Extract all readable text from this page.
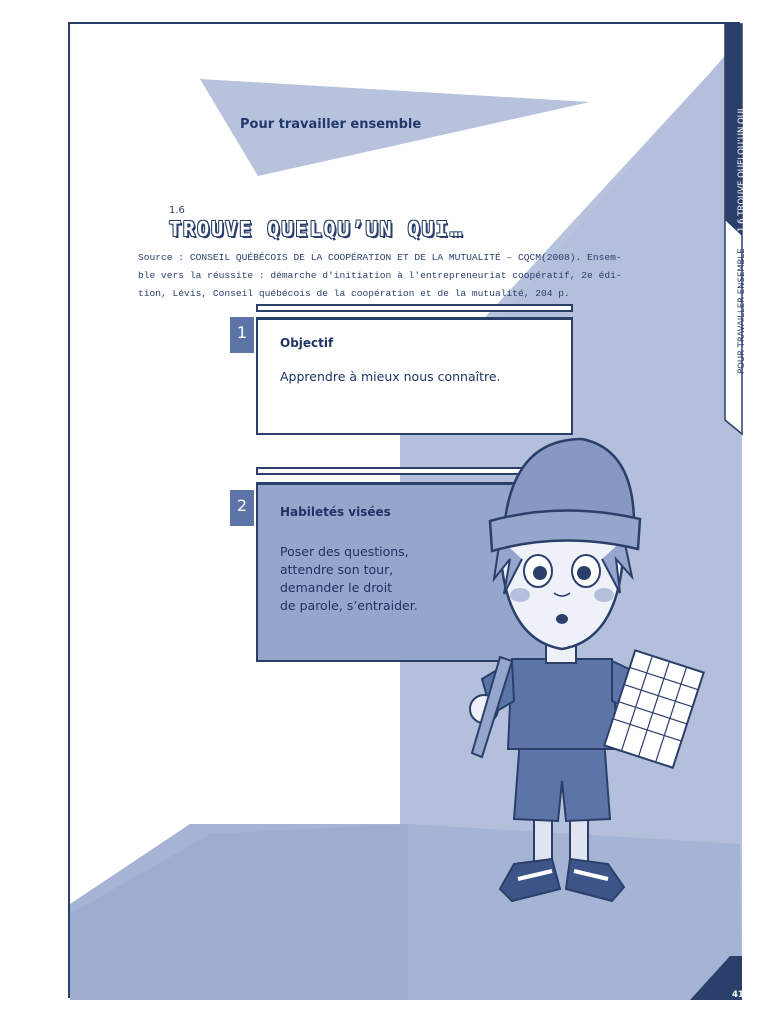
Pour travailler ensemble
1.6
TROUVE QUELQU’UN QUI…
Source : CONSEIL QUÉBÉCOIS DE LA COOPÉRATION ET DE LA MUTUALITÉ – CQCM(2008). Ensem-
ble vers la réussite : démarche d'initiation à l'entrepreneuriat coopératif, 2e édi-
tion, Lévis, Conseil québécois de la coopération et de la mutualité, 204 p.
1
Objectif
Apprendre à mieux nous connaître.
2	Habiletés visées
Poser des questions,
attendre son tour,
demander le droit
de parole, s’entraider.
1.6 TROUVE QUELQU’UN QUI…
POUR TRAVAILLER ENSEMBLE
41
